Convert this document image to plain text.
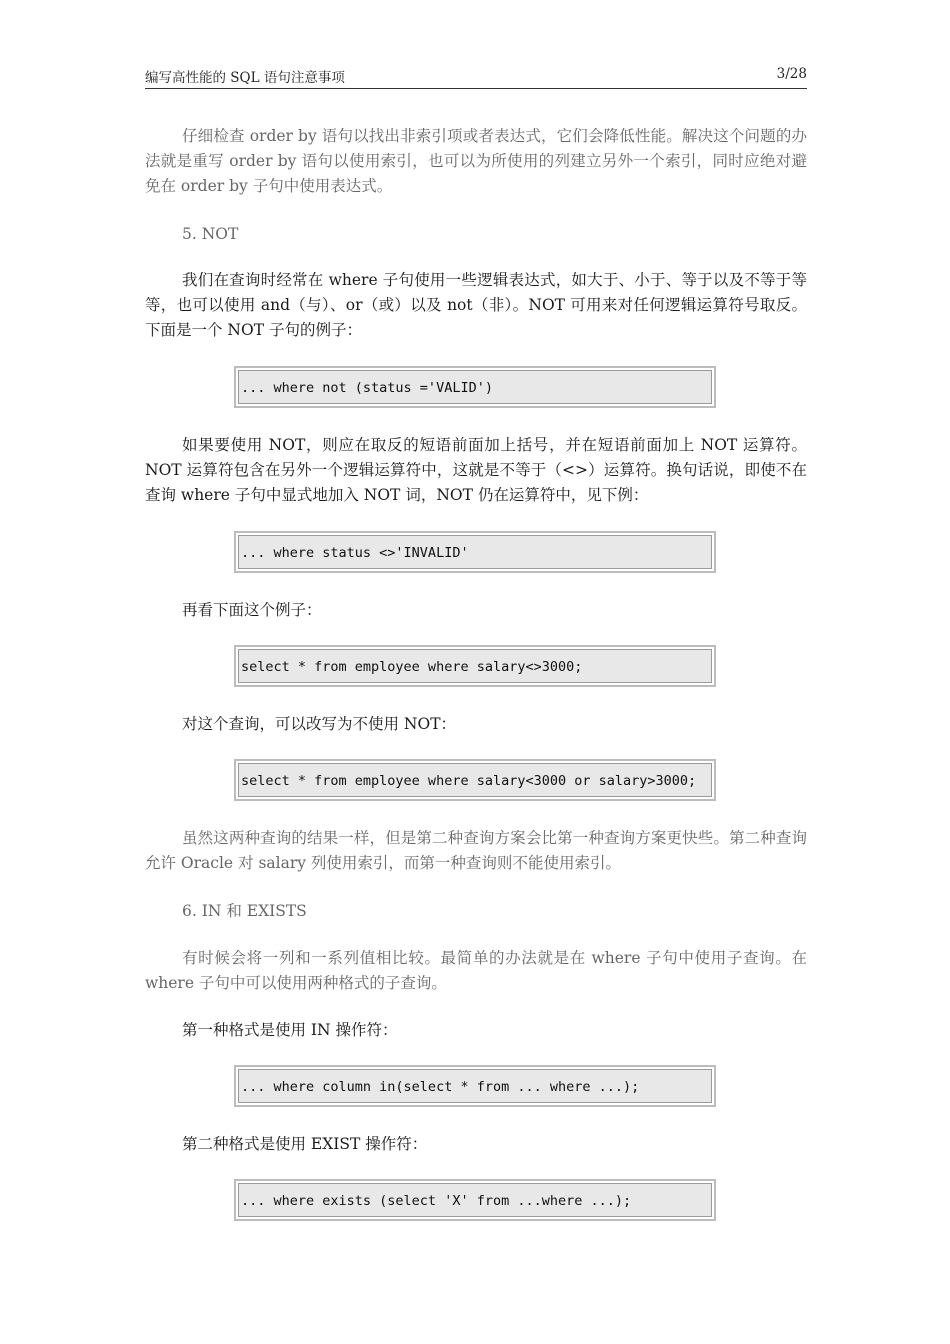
编写高性能的 SQL 语句注意事项	3/28

仔细检查 order by 语句以找出非索引项或者表达式，它们会降低性能。解决这个问题的办法就是重写 order by 语句以使用索引，也可以为所使用的列建立另外一个索引，同时应绝对避免在 order by 子句中使用表达式。

5. NOT

我们在查询时经常在 where 子句使用一些逻辑表达式，如大于、小于、等于以及不等于等等，也可以使用 and（与）、or（或）以及 not（非）。NOT 可用来对任何逻辑运算符号取反。下面是一个 NOT 子句的例子：

... where not (status ='VALID')

如果要使用 NOT，则应在取反的短语前面加上括号，并在短语前面加上 NOT 运算符。NOT 运算符包含在另外一个逻辑运算符中，这就是不等于（<>）运算符。换句话说，即使不在查询 where 子句中显式地加入 NOT 词，NOT 仍在运算符中，见下例：

... where status <>'INVALID'

再看下面这个例子：

select * from employee where salary<>3000;

对这个查询，可以改写为不使用 NOT：

select * from employee where salary<3000 or salary>3000;

虽然这两种查询的结果一样，但是第二种查询方案会比第一种查询方案更快些。第二种查询允许 Oracle 对 salary 列使用索引，而第一种查询则不能使用索引。

6. IN 和 EXISTS

有时候会将一列和一系列值相比较。最简单的办法就是在 where 子句中使用子查询。在 where 子句中可以使用两种格式的子查询。

第一种格式是使用 IN 操作符：

... where column in(select * from ... where ...);

第二种格式是使用 EXIST 操作符：

... where exists (select 'X' from ...where ...);
